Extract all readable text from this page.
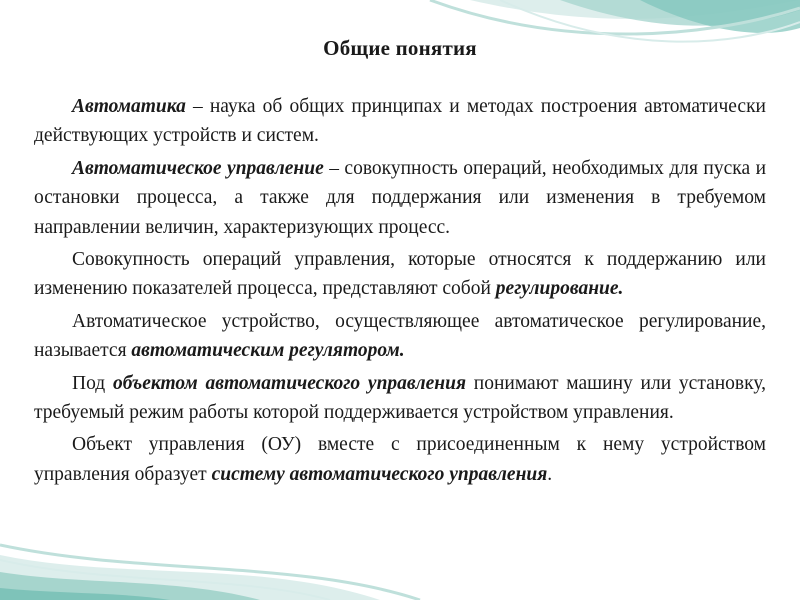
Общие понятия

Автоматика – наука об общих принципах и методах построения автоматически действующих устройств и систем.

Автоматическое управление – совокупность операций, необходимых для пуска и остановки процесса, а также для поддержания или изменения в требуемом направлении величин, характеризующих процесс.

Совокупность операций управления, которые относятся к поддержанию или изменению показателей процесса, представляют собой регулирование.

Автоматическое устройство, осуществляющее автоматическое регулирование, называется автоматическим регулятором.

Под объектом автоматического управления понимают машину или установку, требуемый режим работы которой поддерживается устройством управления.

Объект управления (ОУ) вместе с присоединенным к нему устройством управления образует систему автоматического управления.
